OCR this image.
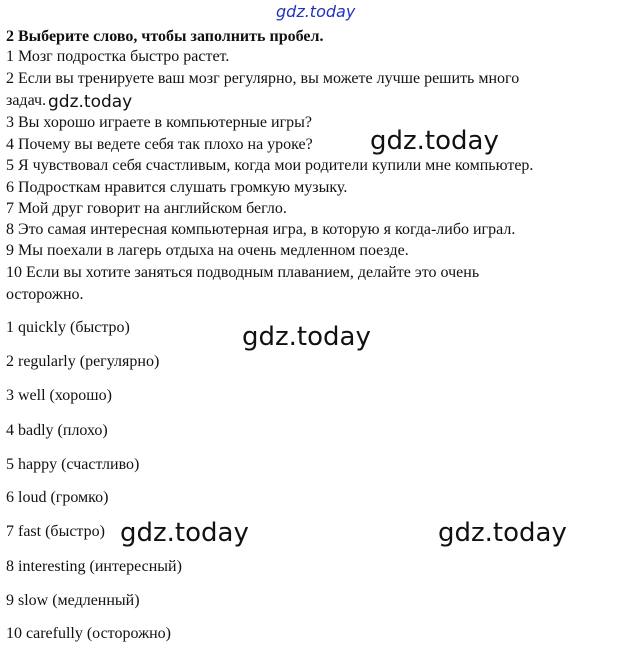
gdz.today
2 Выберите слово, чтобы заполнить пробел.
1 Мозг подростка быстро растет.
2 Если вы тренируете ваш мозг регулярно, вы можете лучше решить много
задач.
3 Вы хорошо играете в компьютерные игры?
4 Почему вы ведете себя так плохо на уроке?
5 Я чувствовал себя счастливым, когда мои родители купили мне компьютер.
6 Подросткам нравится слушать громкую музыку.
7 Мой друг говорит на английском бегло.
8 Это самая интересная компьютерная игра, в которую я когда-либо играл.
9 Мы поехали в лагерь отдыха на очень медленном поезде.
10 Если вы хотите заняться подводным плаванием, делайте это очень
осторожно.
gdz.today
gdz.today
gdz.today
gdz.today	gdz.today
1 quickly (быстро)
2 regularly (регулярно)
3 well (хорошо)
4 badly (плохо)
5 happy (счастливо)
6 loud (громко)
7 fast (быстро)
8 interesting (интересный)
9 slow (медленный)
10 carefully (осторожно)
